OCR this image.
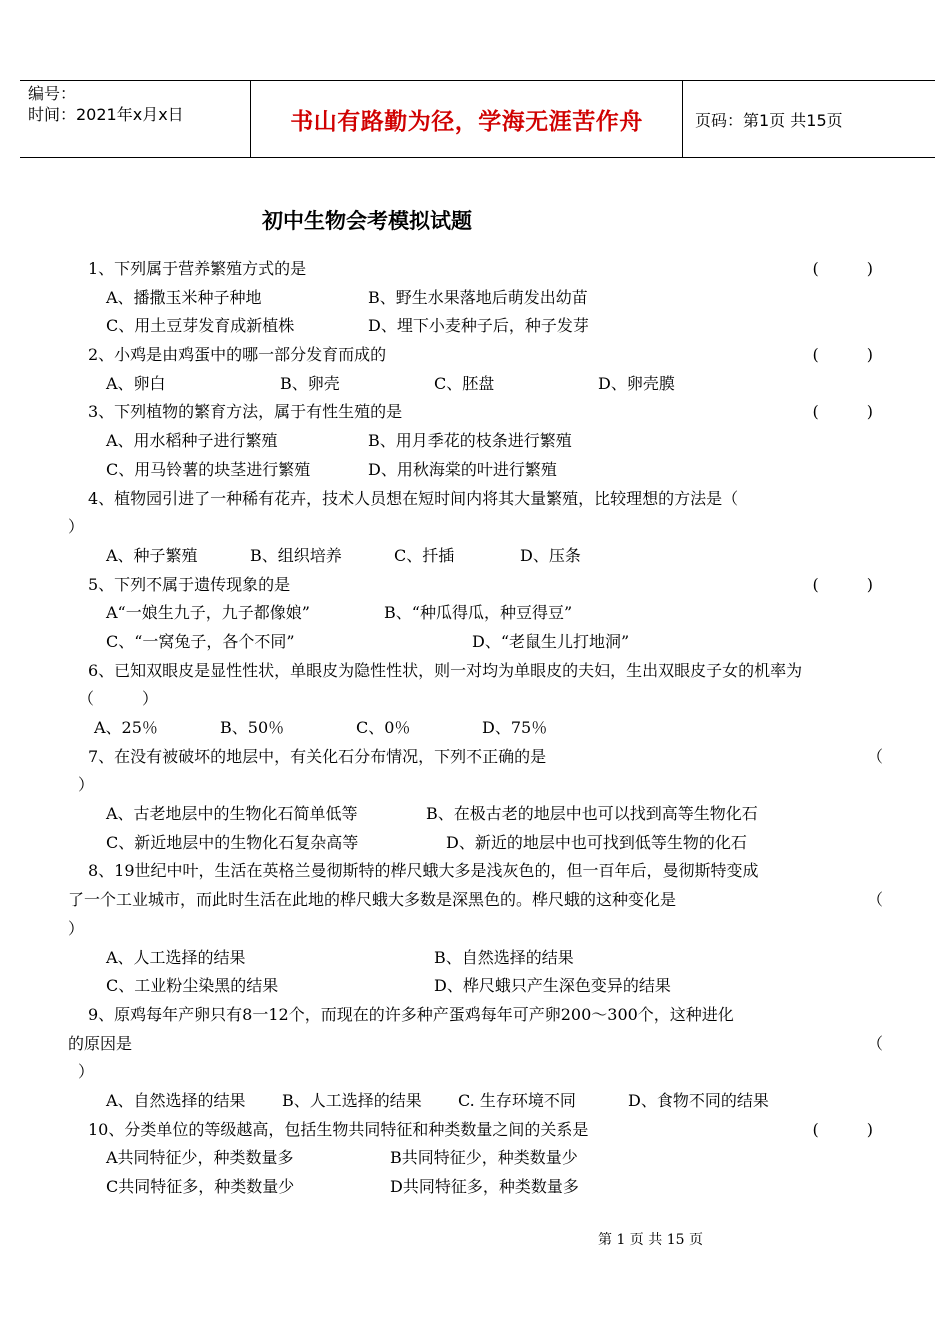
编号：
时间：2021年x月x日	书山有路勤为径，学海无涯苦作舟	页码：第1页 共15页
初中生物会考模拟试题
1、下列属于营养繁殖方式的是	(　　　)
A、播撒玉米种子种地	B、野生水果落地后萌发出幼苗
C、用土豆芽发育成新植株	D、埋下小麦种子后，种子发芽
2、小鸡是由鸡蛋中的哪一部分发育而成的	(　　　)
A、卵白	B、卵壳	C、胚盘	D、卵壳膜
3、下列植物的繁育方法，属于有性生殖的是	(　　　)
A、用水稻种子进行繁殖	B、用月季花的枝条进行繁殖
C、用马铃薯的块茎进行繁殖	D、用秋海棠的叶进行繁殖
4、植物园引进了一种稀有花卉，技术人员想在短时间内将其大量繁殖，比较理想的方法是（
）
A、种子繁殖	B、组织培养	C、扦插	D、压条
5、下列不属于遗传现象的是	(　　　)
A“一娘生九子，九子都像娘”	B、“种瓜得瓜，种豆得豆”
C、“一窝兔子，各个不同”	D、“老鼠生儿打地洞”
6、已知双眼皮是显性性状，单眼皮为隐性性状，则一对均为单眼皮的夫妇，生出双眼皮子女的机率为
（　　　）
A、25％	B、50％	C、0％	D、75％
7、在没有被破坏的地层中，有关化石分布情况，下列不正确的是	（
）
A、古老地层中的生物化石简单低等	B、在极古老的地层中也可以找到高等生物化石
C、新近地层中的生物化石复杂高等	D、新近的地层中也可找到低等生物的化石
8、19世纪中叶，生活在英格兰曼彻斯特的桦尺蛾大多是浅灰色的，但一百年后，曼彻斯特变成
了一个工业城市，而此时生活在此地的桦尺蛾大多数是深黑色的。桦尺蛾的这种变化是	（
）
A、人工选择的结果	B、自然选择的结果
C、工业粉尘染黑的结果	D、桦尺蛾只产生深色变异的结果
9、原鸡每年产卵只有8一12个，而现在的许多种产蛋鸡每年可产卵200～300个，这种进化
的原因是	（
）
A、自然选择的结果 B、人工选择的结果 C. 生存环境不同	D、食物不同的结果
10、分类单位的等级越高，包括生物共同特征和种类数量之间的关系是	(　　　)
A共同特征少，种类数量多	B共同特征少，种类数量少
C共同特征多，种类数量少	D共同特征多，种类数量多
第 1 页 共 15 页
